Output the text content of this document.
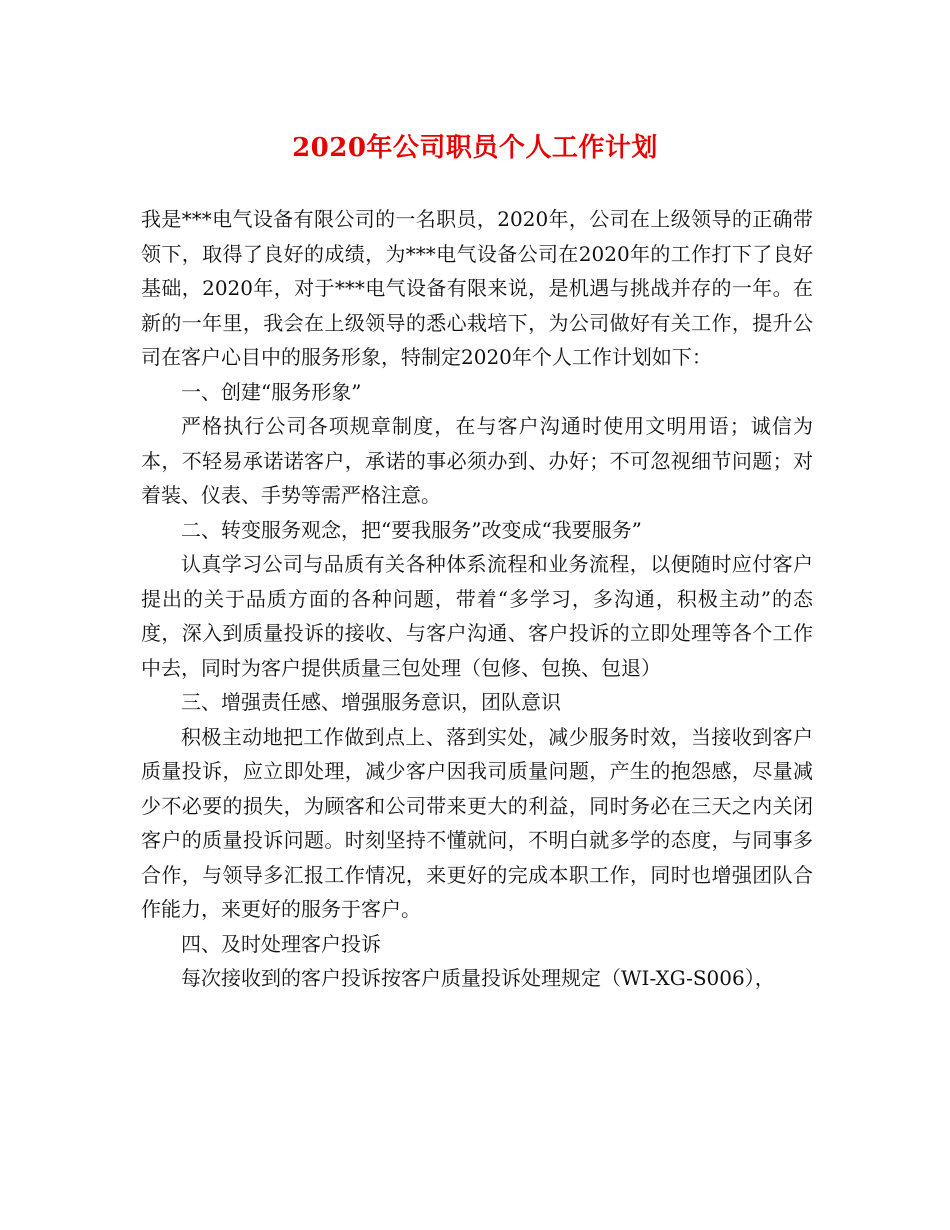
2020年公司职员个人工作计划

我是***电气设备有限公司的一名职员，2020年，公司在上级领导的正确带领下，取得了良好的成绩，为***电气设备公司在2020年的工作打下了良好基础，2020年，对于***电气设备有限来说，是机遇与挑战并存的一年。在新的一年里，我会在上级领导的悉心栽培下，为公司做好有关工作，提升公司在客户心目中的服务形象，特制定2020年个人工作计划如下：

一、创建“服务形象”

严格执行公司各项规章制度，在与客户沟通时使用文明用语；诚信为本，不轻易承诺诺客户，承诺的事必须办到、办好；不可忽视细节问题；对着装、仪表、手势等需严格注意。

二、转变服务观念，把“要我服务”改变成“我要服务”

认真学习公司与品质有关各种体系流程和业务流程，以便随时应付客户提出的关于品质方面的各种问题，带着“多学习，多沟通，积极主动”的态度，深入到质量投诉的接收、与客户沟通、客户投诉的立即处理等各个工作中去，同时为客户提供质量三包处理（包修、包换、包退）

三、增强责任感、增强服务意识，团队意识

积极主动地把工作做到点上、落到实处，减少服务时效，当接收到客户质量投诉，应立即处理，减少客户因我司质量问题，产生的抱怨感，尽量减少不必要的损失，为顾客和公司带来更大的利益，同时务必在三天之内关闭客户的质量投诉问题。时刻坚持不懂就问，不明白就多学的态度，与同事多合作，与领导多汇报工作情况，来更好的完成本职工作，同时也增强团队合作能力，来更好的服务于客户。

四、及时处理客户投诉

每次接收到的客户投诉按客户质量投诉处理规定（WI-XG-S006），
